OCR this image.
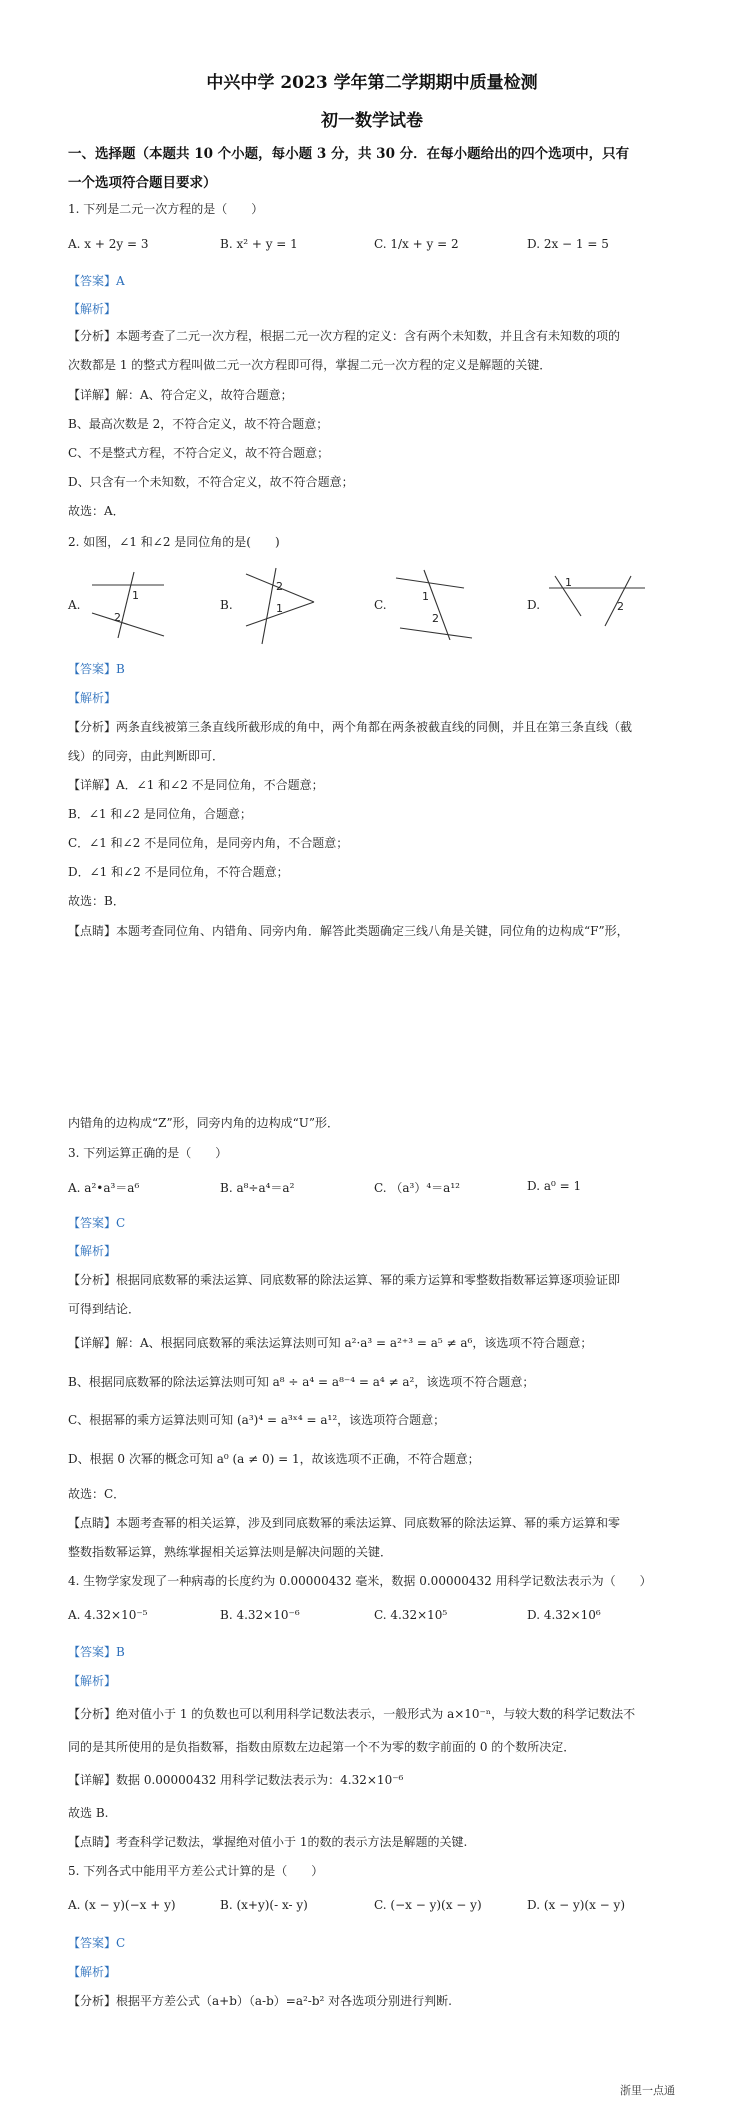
中兴中学 2023 学年第二学期期中质量检测
初一数学试卷
一、选择题（本题共 10 个小题，每小题 3 分，共 30 分．在每小题给出的四个选项中，只有
一个选项符合题目要求）
1. 下列是二元一次方程的是（　　）
A. x + 2y = 3	B. x² + y = 1	C. 1/x + y = 2	D. 2x − 1 = 5
【答案】A
【解析】
【分析】本题考查了二元一次方程，根据二元一次方程的定义：含有两个未知数，并且含有未知数的项的
次数都是 1 的整式方程叫做二元一次方程即可得，掌握二元一次方程的定义是解题的关键．
【详解】解：A、符合定义，故符合题意；
B、最高次数是 2，不符合定义，故不符合题意；
C、不是整式方程，不符合定义，故不符合题意；
D、只含有一个未知数，不符合定义，故不符合题意；
故选：A．
2. 如图，∠1 和∠2 是同位角的是(　　)
A.
1
2
B.
2
1	C.
1
2
D.
1
2
【答案】B
【解析】
【分析】两条直线被第三条直线所截形成的角中，两个角都在两条被截直线的同侧，并且在第三条直线（截
线）的同旁，由此判断即可．
【详解】A．∠1 和∠2 不是同位角，不合题意；
B．∠1 和∠2 是同位角，合题意；
C．∠1 和∠2 不是同位角，是同旁内角，不合题意；
D．∠1 和∠2 不是同位角，不符合题意；
故选：B．
【点睛】本题考查同位角、内错角、同旁内角．解答此类题确定三线八角是关键，同位角的边构成“F”形，
内错角的边构成“Z”形，同旁内角的边构成“U”形．
3. 下列运算正确的是（　　）
A. a²•a³＝a⁶	B. a⁸÷a⁴＝a²	C. （a³）⁴＝a¹²	D. a⁰ = 1
【答案】C
【解析】
【分析】根据同底数幂的乘法运算、同底数幂的除法运算、幂的乘方运算和零整数指数幂运算逐项验证即
可得到结论．
【详解】解：A、根据同底数幂的乘法运算法则可知 a²·a³ = a²⁺³ = a⁵ ≠ a⁶，该选项不符合题意；
B、根据同底数幂的除法运算法则可知 a⁸ ÷ a⁴ = a⁸⁻⁴ = a⁴ ≠ a²，该选项不符合题意；
C、根据幂的乘方运算法则可知 (a³)⁴ = a³ˣ⁴ = a¹²，该选项符合题意；
D、根据 0 次幂的概念可知 a⁰ (a ≠ 0) = 1，故该选项不正确，不符合题意；
故选：C．
【点睛】本题考查幂的相关运算，涉及到同底数幂的乘法运算、同底数幂的除法运算、幂的乘方运算和零
整数指数幂运算，熟练掌握相关运算法则是解决问题的关键．
4. 生物学家发现了一种病毒的长度约为 0.00000432 毫米，数据 0.00000432 用科学记数法表示为（　　）
A. 4.32×10⁻⁵	B. 4.32×10⁻⁶	C. 4.32×10⁵	D. 4.32×10⁶
【答案】B
【解析】
【分析】绝对值小于 1 的负数也可以利用科学记数法表示，一般形式为 a×10⁻ⁿ，与较大数的科学记数法不
同的是其所使用的是负指数幂，指数由原数左边起第一个不为零的数字前面的 0 的个数所决定．
【详解】数据 0.00000432 用科学记数法表示为：4.32×10⁻⁶
故选 B.
【点睛】考查科学记数法，掌握绝对值小于 1的数的表示方法是解题的关键.
5. 下列各式中能用平方差公式计算的是（　　）
A. (x − y)(−x + y)	B. (x+y)(- x- y)	C. (−x − y)(x − y)	D. (x − y)(x − y)
【答案】C
【解析】
【分析】根据平方差公式（a+b）（a-b）=a²-b² 对各选项分别进行判断.
浙里一点通
